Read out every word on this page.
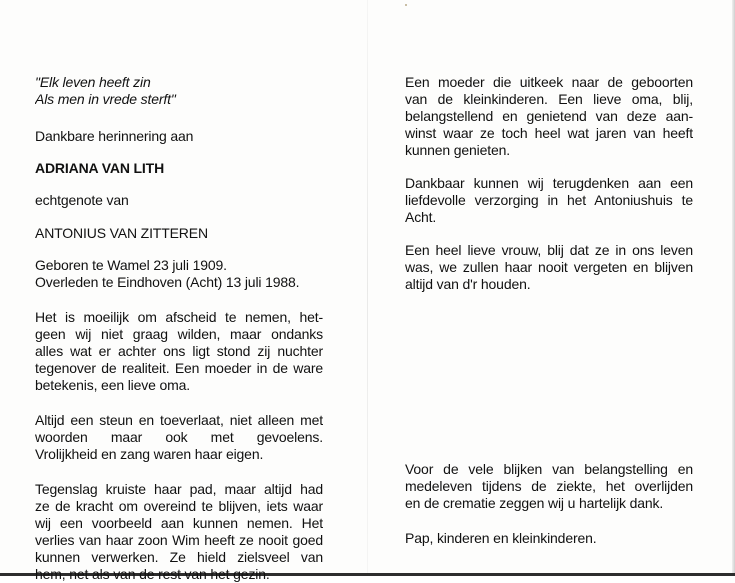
"Elk leven heeft zin
Als men in vrede sterft"
Dankbare herinnering aan
ADRIANA VAN LITH
echtgenote van
ANTONIUS VAN ZITTEREN
Geboren te Wamel 23 juli 1909.
Overleden te Eindhoven (Acht) 13 juli 1988.
Het is moeilijk om afscheid te nemen, het-
geen wij niet graag wilden, maar ondanks
alles wat er achter ons ligt stond zij nuchter
tegenover de realiteit. Een moeder in de ware
betekenis, een lieve oma.
Altijd een steun en toeverlaat, niet alleen met
woorden maar ook met gevoelens.
Vrolijkheid en zang waren haar eigen.
Tegenslag kruiste haar pad, maar altijd had
ze de kracht om overeind te blijven, iets waar
wij een voorbeeld aan kunnen nemen. Het
verlies van haar zoon Wim heeft ze nooit goed
kunnen verwerken. Ze hield zielsveel van
hem, net als van de rest van het gezin.
Een moeder die uitkeek naar de geboorten
van de kleinkinderen. Een lieve oma, blij,
belangstellend en genietend van deze aan-
winst waar ze toch heel wat jaren van heeft
kunnen genieten.
Dankbaar kunnen wij terugdenken aan een
liefdevolle verzorging in het Antoniushuis te
Acht.
Een heel lieve vrouw, blij dat ze in ons leven
was, we zullen haar nooit vergeten en blijven
altijd van d'r houden.
Voor de vele blijken van belangstelling en
medeleven tijdens de ziekte, het overlijden
en de crematie zeggen wij u hartelijk dank.
Pap, kinderen en kleinkinderen.
